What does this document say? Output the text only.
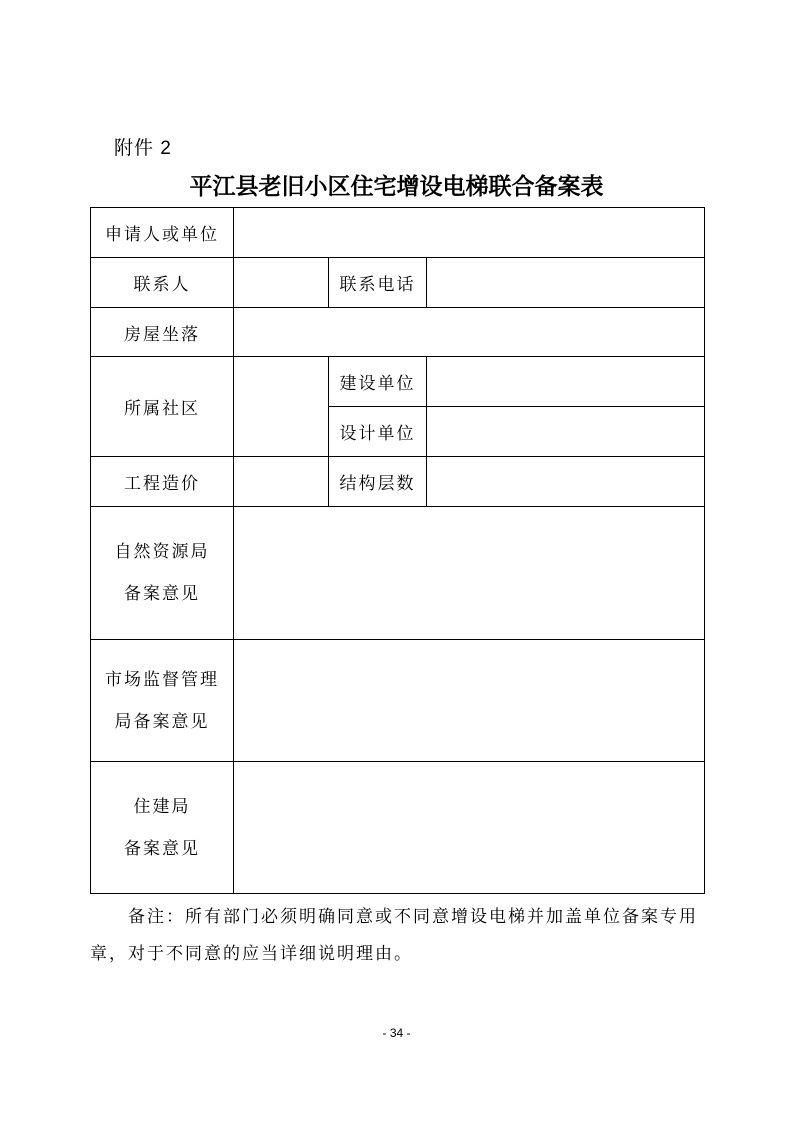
附件 2
平江县老旧小区住宅增设电梯联合备案表
申请人或单位			
联系人		联系电话	
房屋坐落			
所属社区		建设单位	
		设计单位	
工程造价		结构层数	

自然资源局
备案意见			

市场监督管理
局备案意见			

住建局
备案意见			

备注：所有部门必须明确同意或不同意增设电梯并加盖单位备案专用章，对于不同意的应当详细说明理由。
- 34 -
